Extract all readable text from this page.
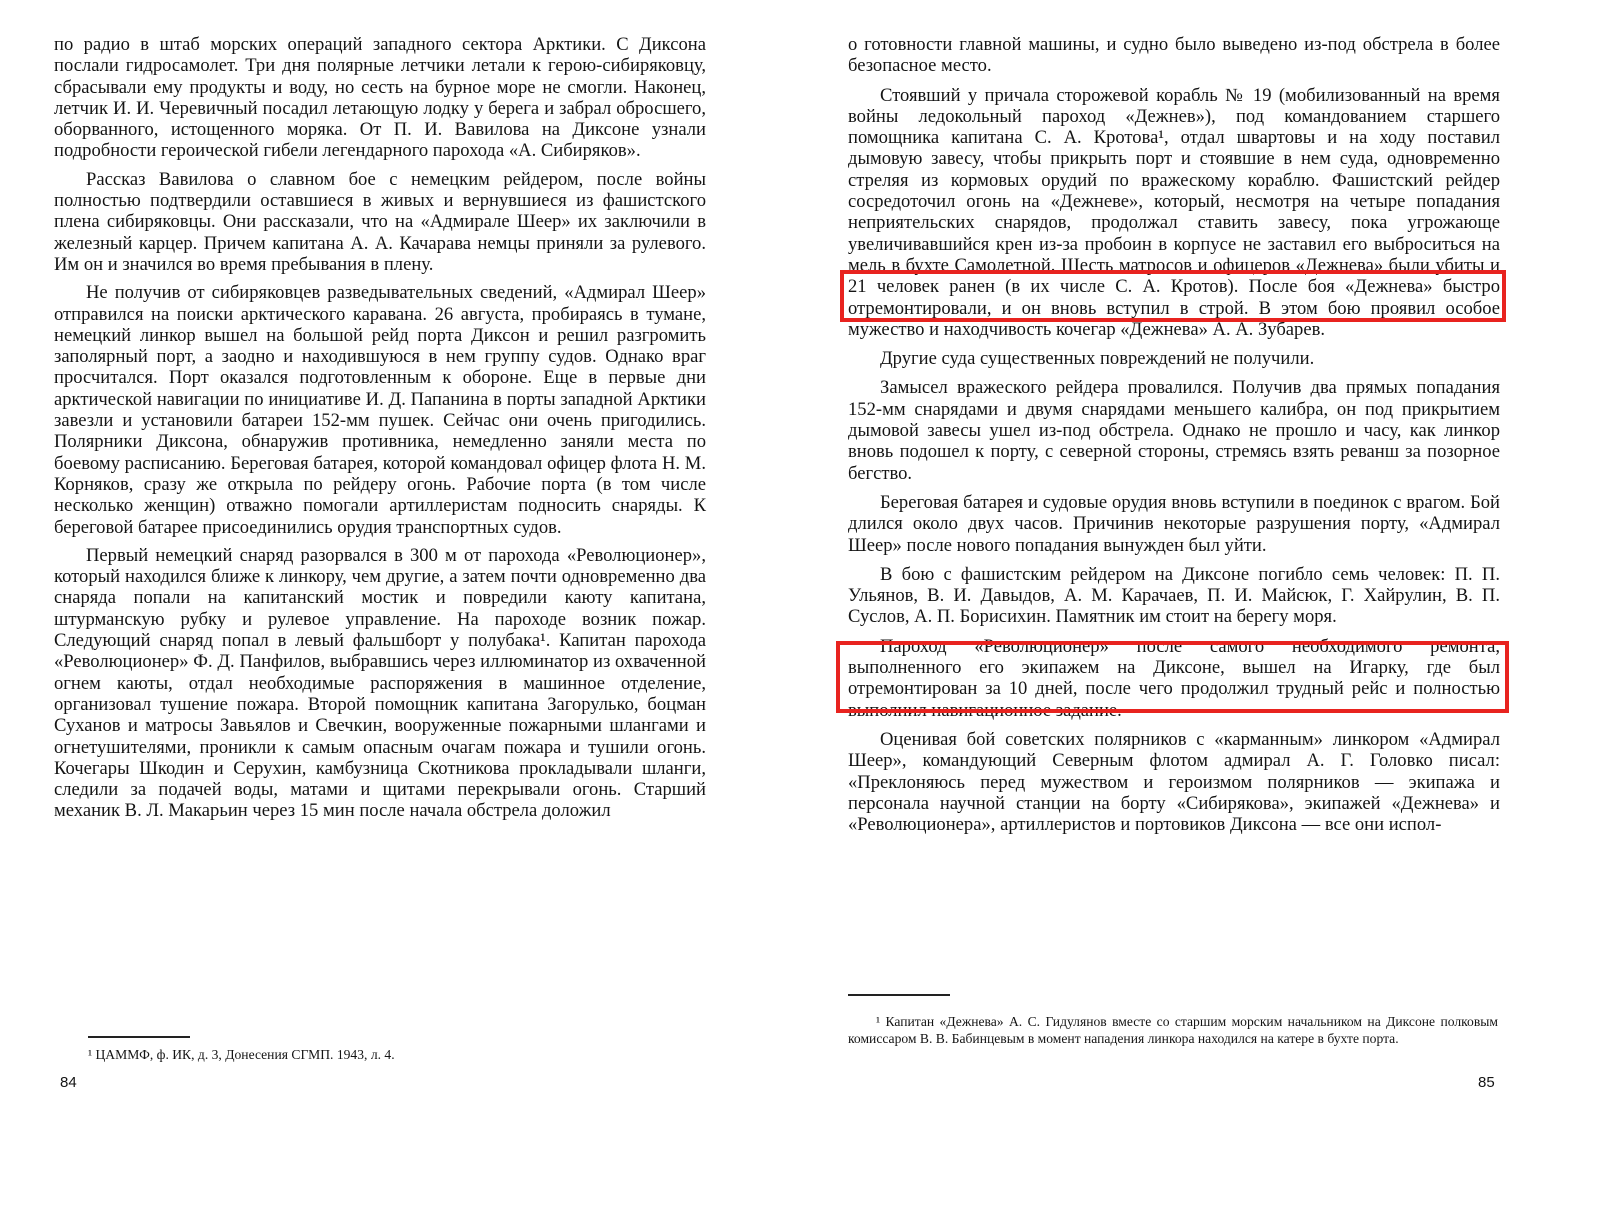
по радио в штаб морских операций западного сектора Арктики. С Диксона послали гидросамолет. Три дня полярные летчики летали к герою-сибиряковцу, сбрасывали ему продукты и воду, но сесть на бурное море не смогли. Наконец, летчик И. И. Черевичный посадил летающую лодку у берега и забрал обросшего, оборванного, истощенного моряка. От П. И. Вавилова на Диксоне узнали подробности героической гибели легендарного парохода «А. Сибиряков».

Рассказ Вавилова о славном бое с немецким рейдером, после войны полностью подтвердили оставшиеся в живых и вернувшиеся из фашистского плена сибиряковцы. Они рассказали, что на «Адмирале Шеер» их заключили в железный карцер. Причем капитана А. А. Качарава немцы приняли за рулевого. Им он и значился во время пребывания в плену.

Не получив от сибиряковцев разведывательных сведений, «Адмирал Шеер» отправился на поиски арктического каравана. 26 августа, пробираясь в тумане, немецкий линкор вышел на большой рейд порта Диксон и решил разгромить заполярный порт, а заодно и находившуюся в нем группу судов. Однако враг просчитался. Порт оказался подготовленным к обороне. Еще в первые дни арктической навигации по инициативе И. Д. Папанина в порты западной Арктики завезли и установили батареи 152-мм пушек. Сейчас они очень пригодились. Полярники Диксона, обнаружив противника, немедленно заняли места по боевому расписанию. Береговая батарея, которой командовал офицер флота Н. М. Корняков, сразу же открыла по рейдеру огонь. Рабочие порта (в том числе несколько женщин) отважно помогали артиллеристам подносить снаряды. К береговой батарее присоединились орудия транспортных судов.

Первый немецкий снаряд разорвался в 300 м от парохода «Революционер», который находился ближе к линкору, чем другие, а затем почти одновременно два снаряда попали на капитанский мостик и повредили каюту капитана, штурманскую рубку и рулевое управление. На пароходе возник пожар. Следующий снаряд попал в левый фальшборт у полубака¹. Капитан парохода «Революционер» Ф. Д. Панфилов, выбравшись через иллюминатор из охваченной огнем каюты, отдал необходимые распоряжения в машинное отделение, организовал тушение пожара. Второй помощник капитана Загорулько, боцман Суханов и матросы Завьялов и Свечкин, вооруженные пожарными шлангами и огнетушителями, проникли к самым опасным очагам пожара и тушили огонь. Кочегары Шкодин и Серухин, камбузница Скотникова прокладывали шланги, следили за подачей воды, матами и щитами перекрывали огонь. Старший механик В. Л. Макарьин через 15 мин после начала обстрела доложил

¹ ЦАММФ, ф. ИК, д. 3, Донесения СГМП. 1943, л. 4.
84

о готовности главной машины, и судно было выведено из-под обстрела в более безопасное место.

Стоявший у причала сторожевой корабль № 19 (мобилизованный на время войны ледокольный пароход «Дежнев»), под командованием старшего помощника капитана С. А. Кротова¹, отдал швартовы и на ходу поставил дымовую завесу, чтобы прикрыть порт и стоявшие в нем суда, одновременно стреляя из кормовых орудий по вражескому кораблю. Фашистский рейдер сосредоточил огонь на «Дежневе», который, несмотря на четыре попадания неприятельских снарядов, продолжал ставить завесу, пока угрожающе увеличивавшийся крен из-за пробоин в корпусе не заставил его выброситься на мель в бухте Самолетной. Шесть матросов и офицеров «Дежнева» были убиты и 21 человек ранен (в их числе С. А. Кротов). После боя «Дежнева» быстро отремонтировали, и он вновь вступил в строй. В этом бою проявил особое мужество и находчивость кочегар «Дежнева» А. А. Зубарев.

Другие суда существенных повреждений не получили.

Замысел вражеского рейдера провалился. Получив два прямых попадания 152-мм снарядами и двумя снарядами меньшего калибра, он под прикрытием дымовой завесы ушел из-под обстрела. Однако не прошло и часу, как линкор вновь подошел к порту, с северной стороны, стремясь взять реванш за позорное бегство.

Береговая батарея и судовые орудия вновь вступили в поединок с врагом. Бой длился около двух часов. Причинив некоторые разрушения порту, «Адмирал Шеер» после нового попадания вынужден был уйти.

В бою с фашистским рейдером на Диксоне погибло семь человек: П. П. Ульянов, В. И. Давыдов, А. М. Карачаев, П. И. Майсюк, Г. Хайрулин, В. П. Суслов, А. П. Борисихин. Памятник им стоит на берегу моря.

Пароход «Революционер» после самого необходимого ремонта, выполненного его экипажем на Диксоне, вышел на Игарку, где был отремонтирован за 10 дней, после чего продолжил трудный рейс и полностью выполнил навигационное задание.

Оценивая бой советских полярников с «карманным» линкором «Адмирал Шеер», командующий Северным флотом адмирал А. Г. Головко писал: «Преклоняюсь перед мужеством и героизмом полярников — экипажа и персонала научной станции на борту «Сибирякова», экипажей «Дежнева» и «Революционера», артиллеристов и портовиков Диксона — все они испол-

¹ Капитан «Дежнева» А. С. Гидулянов вместе со старшим морским начальником на Диксоне полковым комиссаром В. В. Бабинцевым в момент нападения линкора находился на катере в бухте порта.
85
